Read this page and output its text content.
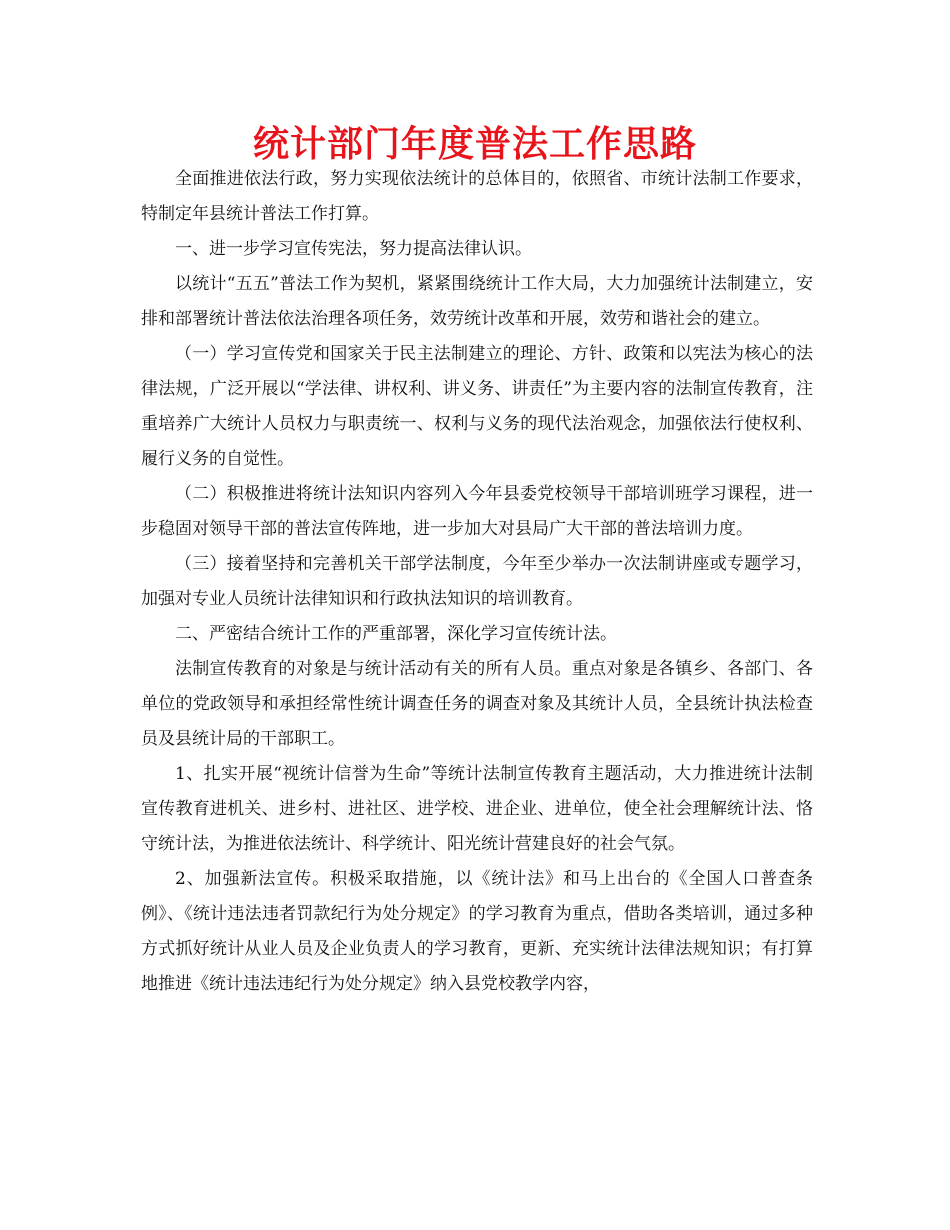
统计部门年度普法工作思路

全面推进依法行政，努力实现依法统计的总体目的，依照省、市统计法制工作要求，特制定年县统计普法工作打算。

一、进一步学习宣传宪法，努力提高法律认识。

以统计“五五”普法工作为契机，紧紧围绕统计工作大局，大力加强统计法制建立，安排和部署统计普法依法治理各项任务，效劳统计改革和开展，效劳和谐社会的建立。

（一）学习宣传党和国家关于民主法制建立的理论、方针、政策和以宪法为核心的法律法规，广泛开展以“学法律、讲权利、讲义务、讲责任”为主要内容的法制宣传教育，注重培养广大统计人员权力与职责统一、权利与义务的现代法治观念，加强依法行使权利、履行义务的自觉性。

（二）积极推进将统计法知识内容列入今年县委党校领导干部培训班学习课程，进一步稳固对领导干部的普法宣传阵地，进一步加大对县局广大干部的普法培训力度。

（三）接着坚持和完善机关干部学法制度，今年至少举办一次法制讲座或专题学习，加强对专业人员统计法律知识和行政执法知识的培训教育。

二、严密结合统计工作的严重部署，深化学习宣传统计法。

法制宣传教育的对象是与统计活动有关的所有人员。重点对象是各镇乡、各部门、各单位的党政领导和承担经常性统计调查任务的调查对象及其统计人员，全县统计执法检查员及县统计局的干部职工。

1、扎实开展“视统计信誉为生命”等统计法制宣传教育主题活动，大力推进统计法制宣传教育进机关、进乡村、进社区、进学校、进企业、进单位，使全社会理解统计法、恪守统计法，为推进依法统计、科学统计、阳光统计营建良好的社会气氛。

2、加强新法宣传。积极采取措施，以《统计法》和马上出台的《全国人口普查条例》、《统计违法违者罚款纪行为处分规定》的学习教育为重点，借助各类培训，通过多种方式抓好统计从业人员及企业负责人的学习教育，更新、充实统计法律法规知识；有打算地推进《统计违法违纪行为处分规定》纳入县党校教学内容，
